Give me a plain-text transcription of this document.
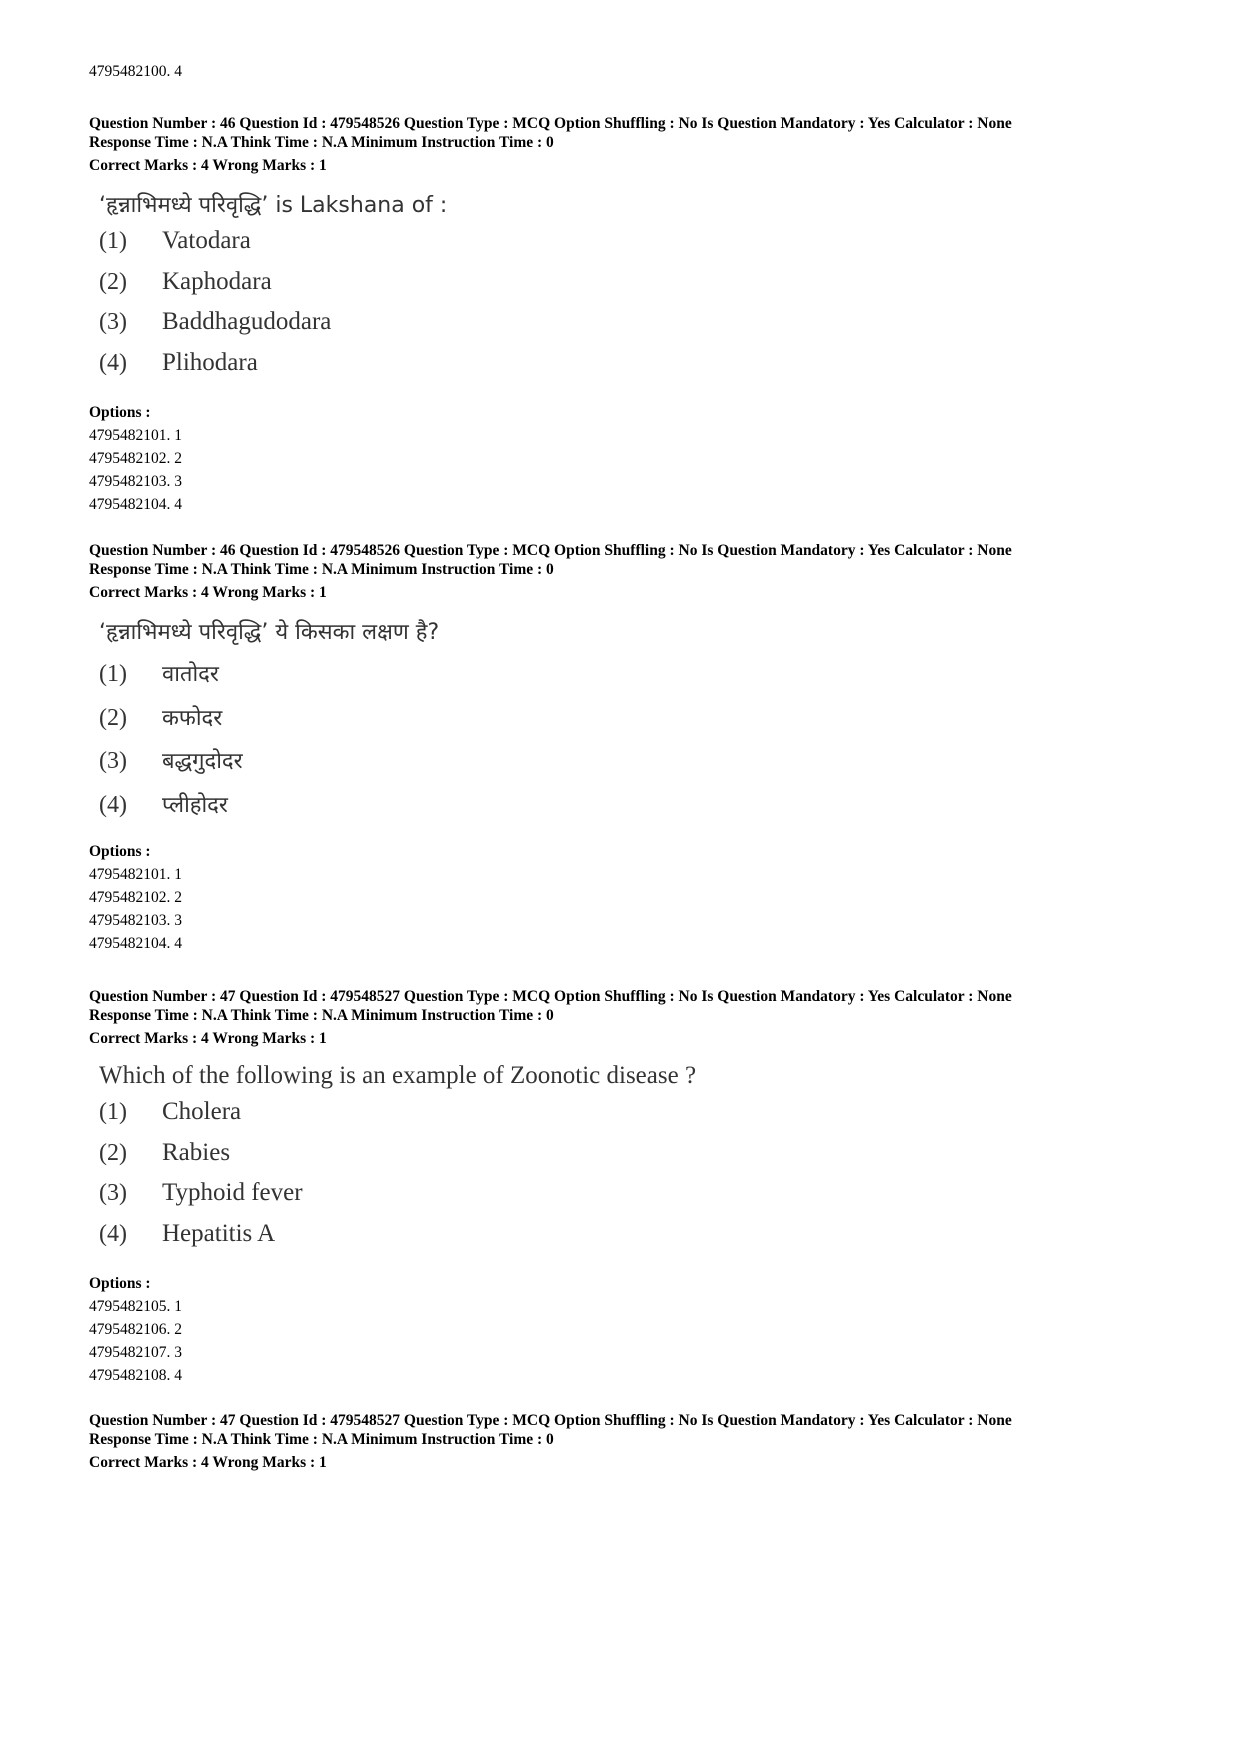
4795482100. 4
Question Number : 46 Question Id : 479548526 Question Type : MCQ Option Shuffling : No Is Question Mandatory : Yes Calculator : None
Response Time : N.A Think Time : N.A Minimum Instruction Time : 0
Correct Marks : 4 Wrong Marks : 1
‘हृन्नाभिमध्ये परिवृद्धि’ is Lakshana of :
(1)	Vatodara
(2)	Kaphodara
(3)	Baddhagudodara
(4)	Plihodara
Options :
4795482101. 1
4795482102. 2
4795482103. 3
4795482104. 4
Question Number : 46 Question Id : 479548526 Question Type : MCQ Option Shuffling : No Is Question Mandatory : Yes Calculator : None
Response Time : N.A Think Time : N.A Minimum Instruction Time : 0
Correct Marks : 4 Wrong Marks : 1
‘हृन्नाभिमध्ये परिवृद्धि’ ये किसका लक्षण है?
(1)	वातोदर
(2)	कफोदर
(3)	बद्धगुदोदर
(4)	प्लीहोदर
Options :
4795482101. 1
4795482102. 2
4795482103. 3
4795482104. 4
Question Number : 47 Question Id : 479548527 Question Type : MCQ Option Shuffling : No Is Question Mandatory : Yes Calculator : None
Response Time : N.A Think Time : N.A Minimum Instruction Time : 0
Correct Marks : 4 Wrong Marks : 1
Which of the following is an example of Zoonotic disease ?
(1)	Cholera
(2)	Rabies
(3)	Typhoid fever
(4)	Hepatitis A
Options :
4795482105. 1
4795482106. 2
4795482107. 3
4795482108. 4
Question Number : 47 Question Id : 479548527 Question Type : MCQ Option Shuffling : No Is Question Mandatory : Yes Calculator : None
Response Time : N.A Think Time : N.A Minimum Instruction Time : 0
Correct Marks : 4 Wrong Marks : 1
